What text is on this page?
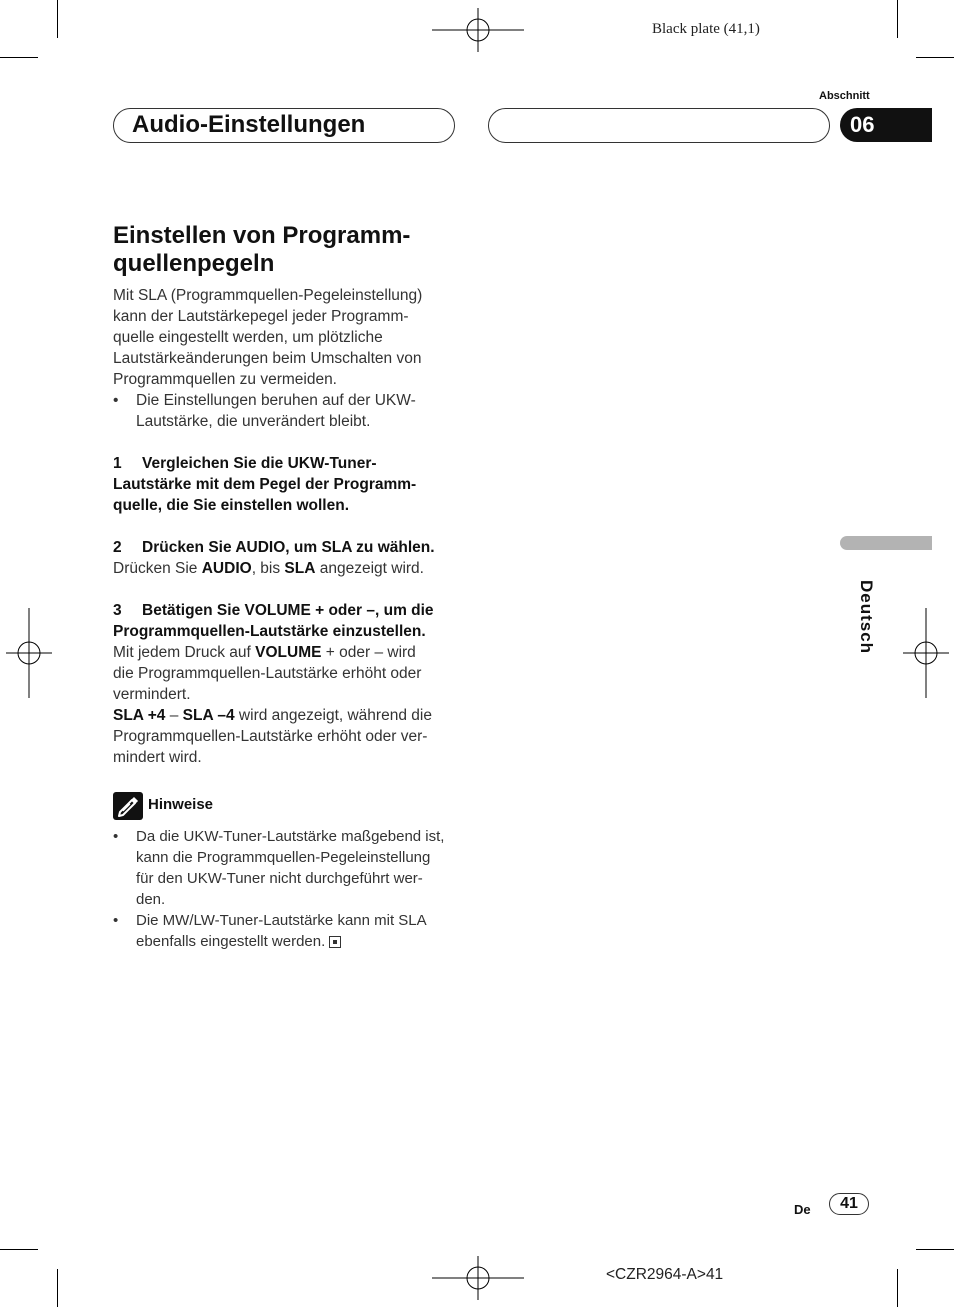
Black plate (41,1)
Abschnitt
06
Audio-Einstellungen
Einstellen von Programm-
quellenpegeln
Mit SLA (Programmquellen-Pegeleinstellung)
kann der Lautstärkepegel jeder Programm-
quelle eingestellt werden, um plötzliche
Lautstärkeänderungen beim Umschalten von
Programmquellen zu vermeiden.
• Die Einstellungen beruhen auf der UKW-
Lautstärke, die unverändert bleibt.
1 Vergleichen Sie die UKW-Tuner-
Lautstärke mit dem Pegel der Programm-
quelle, die Sie einstellen wollen.
2 Drücken Sie AUDIO, um SLA zu wählen.
Drücken Sie AUDIO, bis SLA angezeigt wird.
3 Betätigen Sie VOLUME + oder –, um die
Programmquellen-Lautstärke einzustellen.
Mit jedem Druck auf VOLUME + oder – wird
die Programmquellen-Lautstärke erhöht oder
vermindert.
SLA +4 – SLA –4 wird angezeigt, während die
Programmquellen-Lautstärke erhöht oder ver-
mindert wird.
Hinweise
• Da die UKW-Tuner-Lautstärke maßgebend ist,
kann die Programmquellen-Pegeleinstellung
für den UKW-Tuner nicht durchgeführt wer-
den.
• Die MW/LW-Tuner-Lautstärke kann mit SLA
ebenfalls eingestellt werden.
Deutsch
De	41
<CZR2964-A>41
